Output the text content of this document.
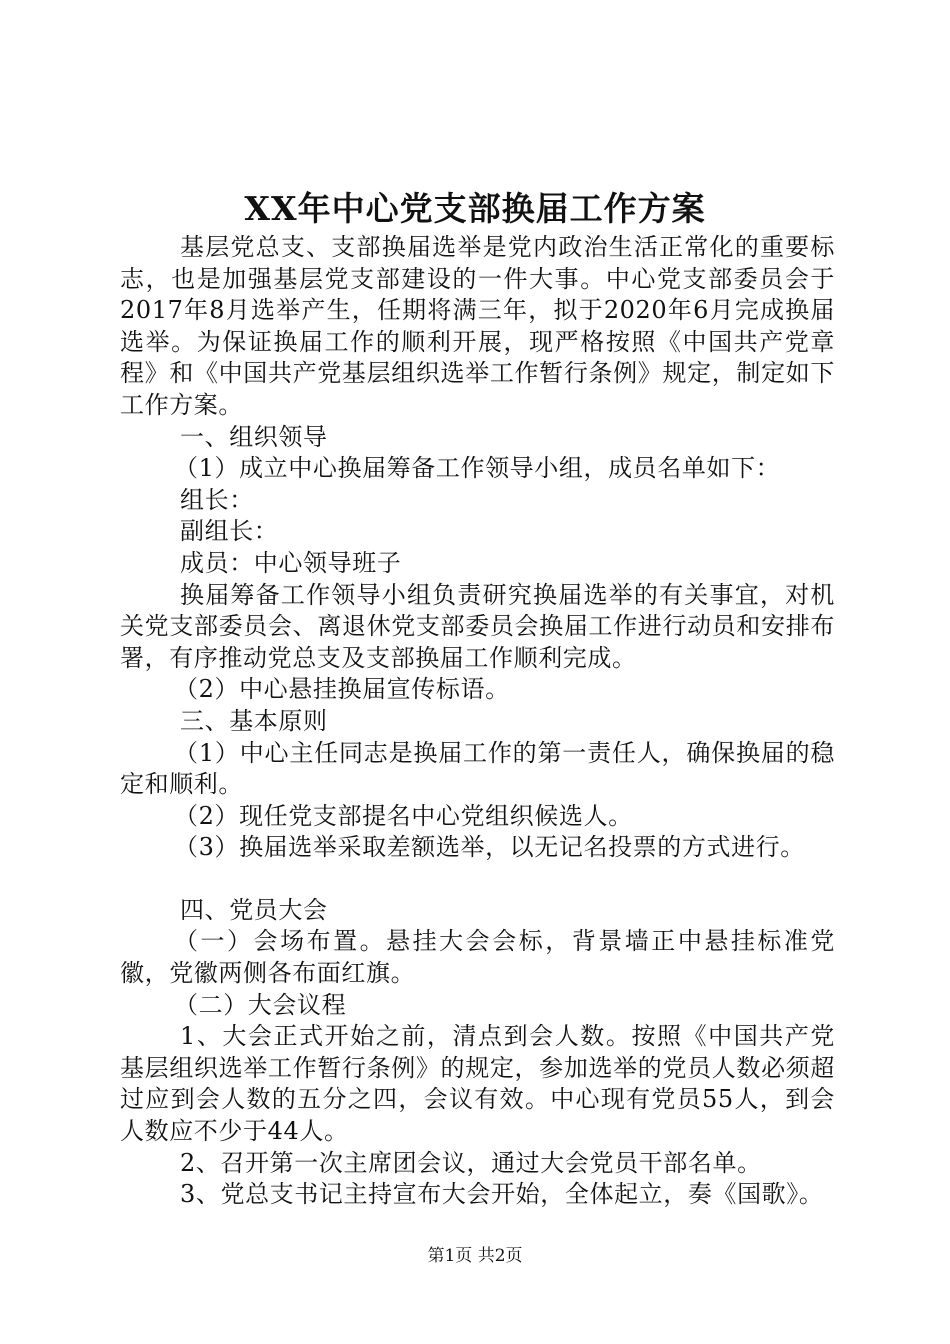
XX年中心党支部换届工作方案

基层党总支、支部换届选举是党内政治生活正常化的重要标志，也是加强基层党支部建设的一件大事。中心党支部委员会于2017年8月选举产生，任期将满三年，拟于2020年6月完成换届选举。为保证换届工作的顺利开展，现严格按照《中国共产党章程》和《中国共产党基层组织选举工作暂行条例》规定，制定如下工作方案。

一、组织领导

（1）成立中心换届筹备工作领导小组，成员名单如下：

组长：

副组长：

成员：中心领导班子

换届筹备工作领导小组负责研究换届选举的有关事宜，对机关党支部委员会、离退休党支部委员会换届工作进行动员和安排布署，有序推动党总支及支部换届工作顺利完成。

（2）中心悬挂换届宣传标语。

三、基本原则

（1）中心主任同志是换届工作的第一责任人，确保换届的稳定和顺利。

（2）现任党支部提名中心党组织候选人。

（3）换届选举采取差额选举，以无记名投票的方式进行。

四、党员大会

（一）会场布置。悬挂大会会标，背景墙正中悬挂标准党徽，党徽两侧各布面红旗。

（二）大会议程

1、大会正式开始之前，清点到会人数。按照《中国共产党基层组织选举工作暂行条例》的规定，参加选举的党员人数必须超过应到会人数的五分之四，会议有效。中心现有党员55人，到会人数应不少于44人。

2、召开第一次主席团会议，通过大会党员干部名单。

3、党总支书记主持宣布大会开始，全体起立，奏《国歌》。

第1页 共2页
